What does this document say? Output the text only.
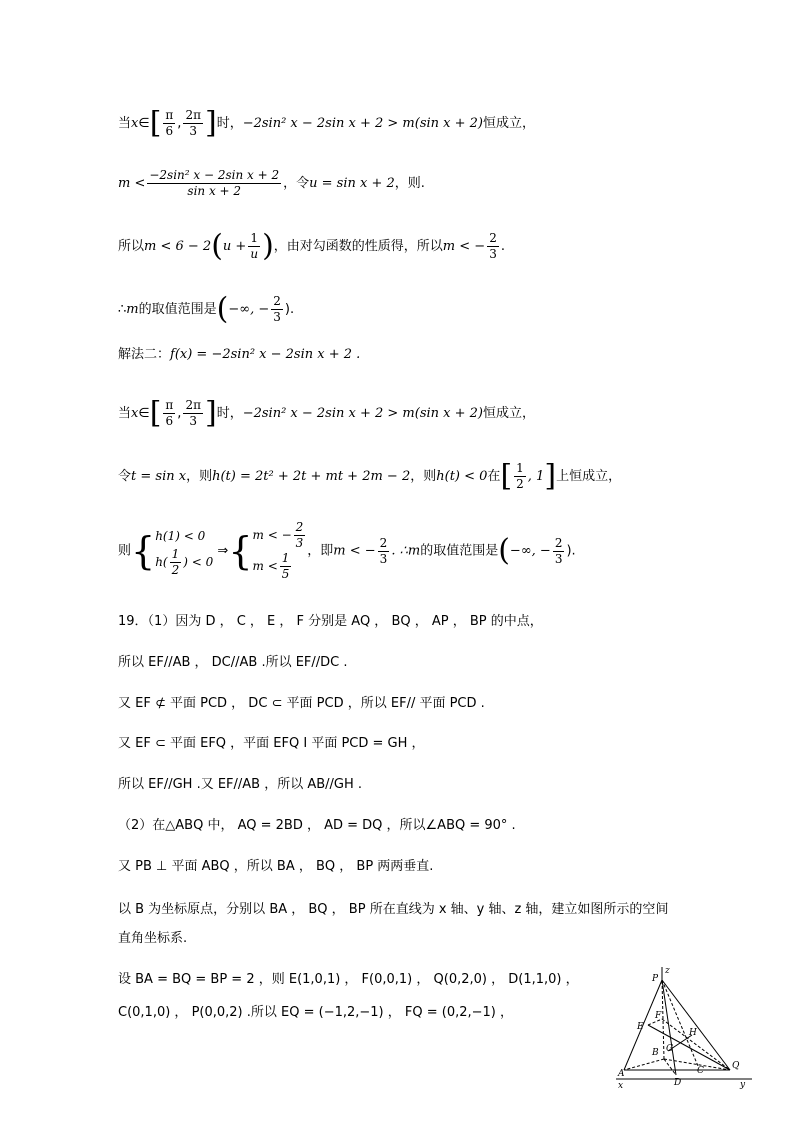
当x∈[ $\frac{\pi}{6}$ , $\frac{2\pi}{3}$ ]时，−2sin² x − 2sin x + 2 > m(sin x + 2)恒成立，
$m < \frac{\text{−2sin² x − 2sin x + 2}}{\text{sin x + 2}}$ ，令u = sin x + 2，则.
所以$m < 6 - 2(u + \frac{1}{u}$ )，由对勾函数的性质得，所以m < − $\frac{2}{3}$ .
∴m的取值范围是(−∞, − $\frac{2}{3}$ ).
解法二：f(x) = −2sin² x − 2sin x + 2 .
当x∈[ $\frac{\pi}{6}$ , $\frac{2\pi}{3}$ ]时，−2sin² x − 2sin x + 2 > m(sin x + 2)恒成立，
令t = sin x，则h(t) = 2t² + 2t + mt + 2m − 2，则h(t) < 0在[ $\frac{1}{2}$ , 1]上恒成立，
则{ h(1) < 0
$h( \frac{1}{2}$ ) < 0
⇒{ m < − $\frac{2}{3}$
$m < \frac{1}{5}$ ，即m < − $\frac{2}{3}$ . ∴m的取值范围是(−∞, − $\frac{2}{3}$ ).
19．（1）因为 D ， C ， E ， F 分别是 AQ ， BQ ， AP ， BP 的中点，
所以 EF//AB ， DC//AB .所以 EF//DC .
又 EF ⊄ 平面 PCD ， DC ⊂ 平面 PCD ，所以 EF// 平面 PCD .
又 EF ⊂ 平面 EFQ ，平面 EFQ I 平面 PCD = GH ，
所以 EF//GH .又 EF//AB ，所以 AB//GH .
（2）在△ABQ 中， AQ = 2BD ， AD = DQ ，所以∠ABQ = 90° .
又 PB ⊥ 平面 ABQ ，所以 BA ， BQ ， BP 两两垂直.
以 B 为坐标原点，分别以 BA ， BQ ， BP 所在直线为 x 轴、y 轴、z 轴，建立如图所示的空间
直角坐标系.
设 BA = BQ = BP = 2 ，则 E(1,0,1) ， F(0,0,1) ， Q(0,2,0) ， D(1,1,0) ，
C(0,1,0) ， P(0,0,2) .所以 EQ = (−1,2,−1) ， FQ = (0,2,−1) ，
P
z
E
F
H
B G
C	Q
A
D
x	y
